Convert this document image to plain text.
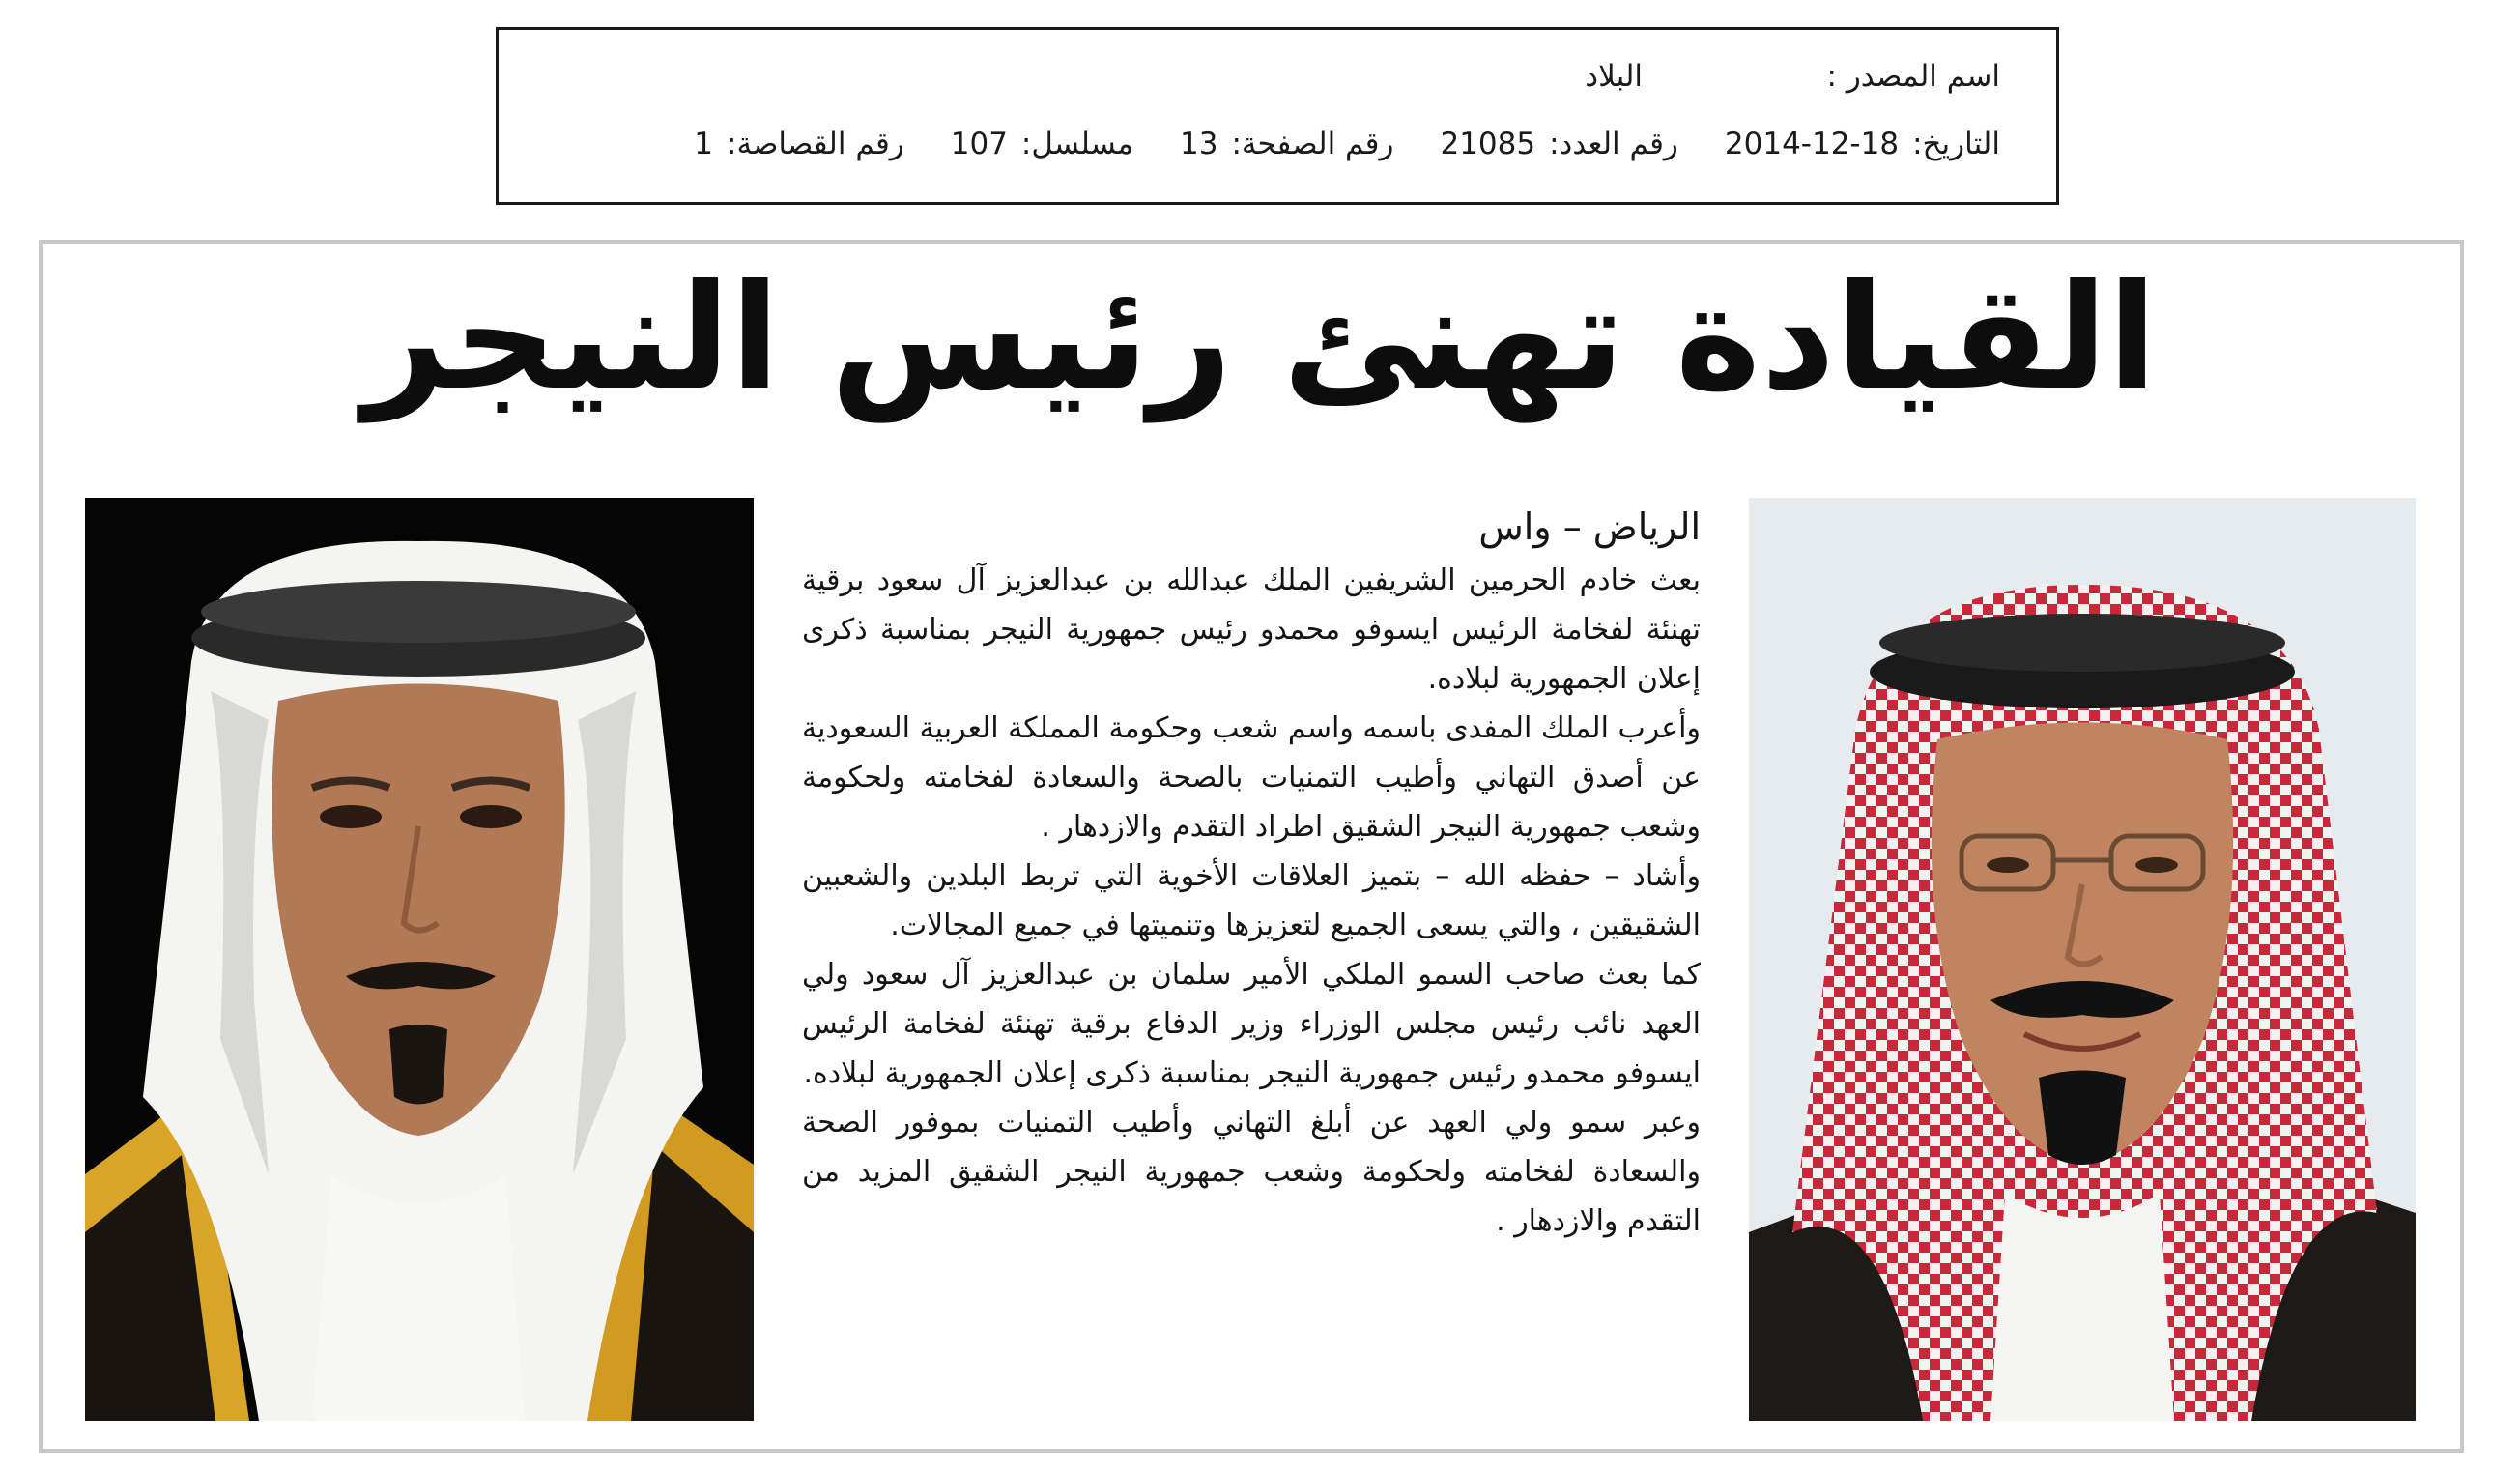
اسم المصدر :
البلاد
التاريخ:
2014-12-18
رقم العدد:
21085
رقم الصفحة:
13
مسلسل:
107
رقم القصاصة:
1
القيادة تهنئ رئيس النيجر

الرياض – واس

بعث خادم الحرمين الشريفين الملك عبدالله بن عبدالعزيز آل سعود برقية تهنئة لفخامة الرئيس ايسوفو محمدو رئيس جمهورية النيجر بمناسبة ذكرى إعلان الجمهورية لبلاده.

وأعرب الملك المفدى باسمه واسم شعب وحكومة المملكة العربية السعودية عن أصدق التهاني وأطيب التمنيات بالصحة والسعادة لفخامته ولحكومة وشعب جمهورية النيجر الشقيق اطراد التقدم والازدهار .

وأشاد – حفظه الله – بتميز العلاقات الأخوية التي تربط البلدين والشعبين الشقيقين ، والتي يسعى الجميع لتعزيزها وتنميتها في جميع المجالات.

كما بعث صاحب السمو الملكي الأمير سلمان بن عبدالعزيز آل سعود ولي العهد نائب رئيس مجلس الوزراء وزير الدفاع برقية تهنئة لفخامة الرئيس ايسوفو محمدو رئيس جمهورية النيجر بمناسبة ذكرى إعلان الجمهورية لبلاده.

وعبر سمو ولي العهد عن أبلغ التهاني وأطيب التمنيات بموفور الصحة والسعادة لفخامته ولحكومة وشعب جمهورية النيجر الشقيق المزيد من التقدم والازدهار .
